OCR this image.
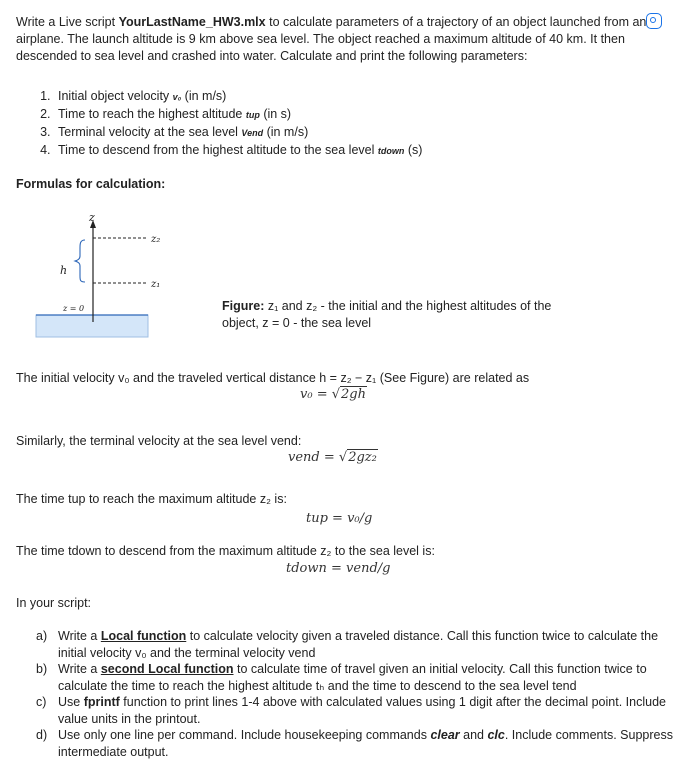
Write a Live script YourLastName_HW3.mlx to calculate parameters of a trajectory of an object launched from an airplane. The launch altitude is 9 km above sea level. The object reached a maximum altitude of 40 km. It then descended to sea level and crashed into water. Calculate and print the following parameters:

1. Initial object velocity v₀ (in m/s)
2. Time to reach the highest altitude tup (in s)
3. Terminal velocity at the sea level Vend (in m/s)
4. Time to descend from the highest altitude to the sea level tdown (s)

Formulas for calculation:

z
z₂
z₁
h
z = 0	Figure: z₁ and z₂ - the initial and the highest altitudes of the object, z = 0 - the sea level

The initial velocity v₀ and the traveled vertical distance h = z₂ − z₁ (See Figure) are related as

v₀ = √2gh

Similarly, the terminal velocity at the sea level vend:

vend = √2gz₂

The time tup to reach the maximum altitude z₂ is:

tup = v₀/g

The time tdown to descend from the maximum altitude z₂ to the sea level is:

tdown = vend/g

In your script:

a) Write a Local function to calculate velocity given a traveled distance. Call this function twice to calculate the initial velocity v₀ and the terminal velocity vend
b) Write a second Local function to calculate time of travel given an initial velocity. Call this function twice to calculate the time to reach the highest altitude tₕ and the time to descend to the sea level tend
c) Use fprintf function to print lines 1-4 above with calculated values using 1 digit after the decimal point. Include value units in the printout.
d) Use only one line per command. Include housekeeping commands clear and clc. Include comments. Suppress intermediate output.
